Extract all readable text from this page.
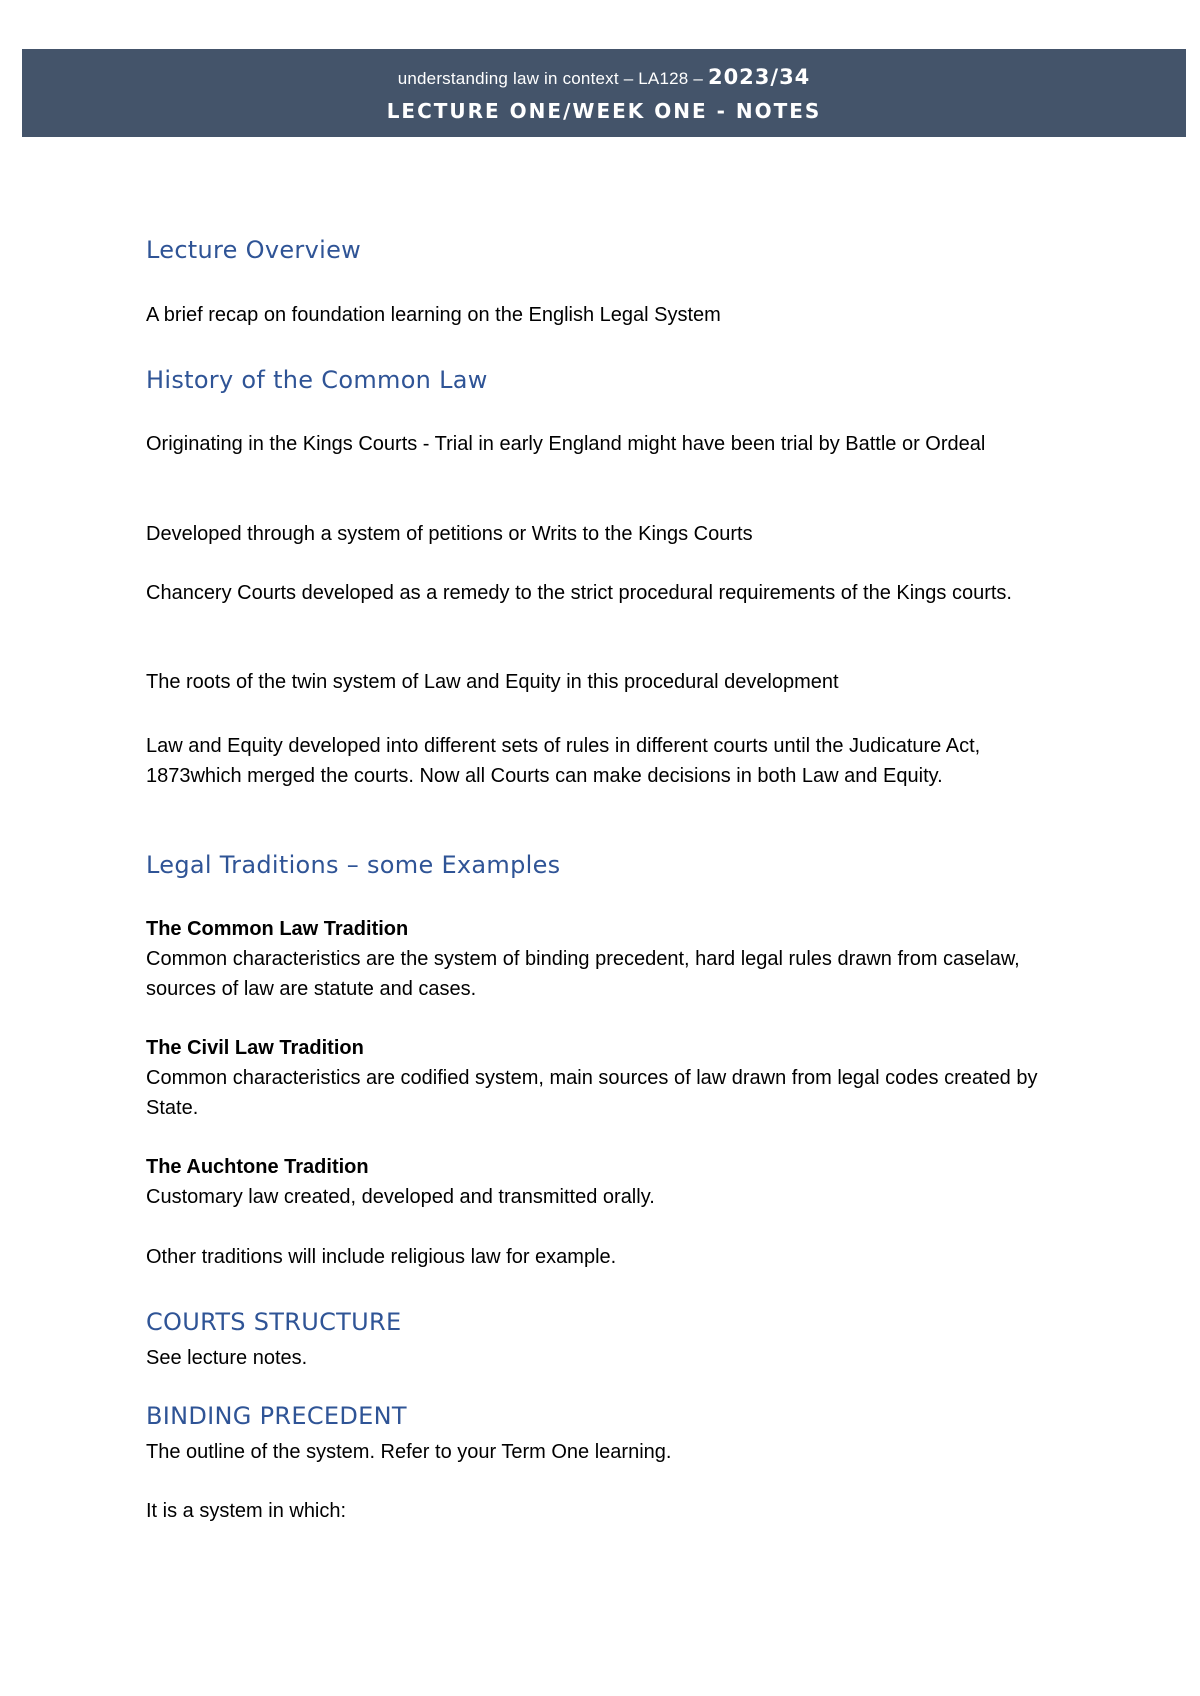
understanding law in context – LA128 – 2023/34
LECTURE ONE/WEEK ONE - NOTES
Lecture Overview
A brief recap on foundation learning on the English Legal System
History of the Common Law
Originating in the Kings Courts - Trial in early England might have been trial by Battle or Ordeal
Developed through a system of petitions or Writs to the Kings Courts
Chancery Courts developed as a remedy to the strict procedural requirements of the Kings courts.
The roots of the twin system of Law and Equity in this procedural development
Law and Equity developed into different sets of rules in different courts until the Judicature Act, 1873which merged the courts. Now all Courts can make decisions in both Law and Equity.
Legal Traditions – some Examples
The Common Law Tradition
Common characteristics are the system of binding precedent, hard legal rules drawn from caselaw, sources of law are statute and cases.
The Civil Law Tradition
Common characteristics are codified system, main sources of law drawn from legal codes created by State.
The Auchtone Tradition
Customary law created, developed and transmitted orally.
Other traditions will include religious law for example.
COURTS STRUCTURE
See lecture notes.
BINDING PRECEDENT
The outline of the system. Refer to your Term One learning.
It is a system in which:
